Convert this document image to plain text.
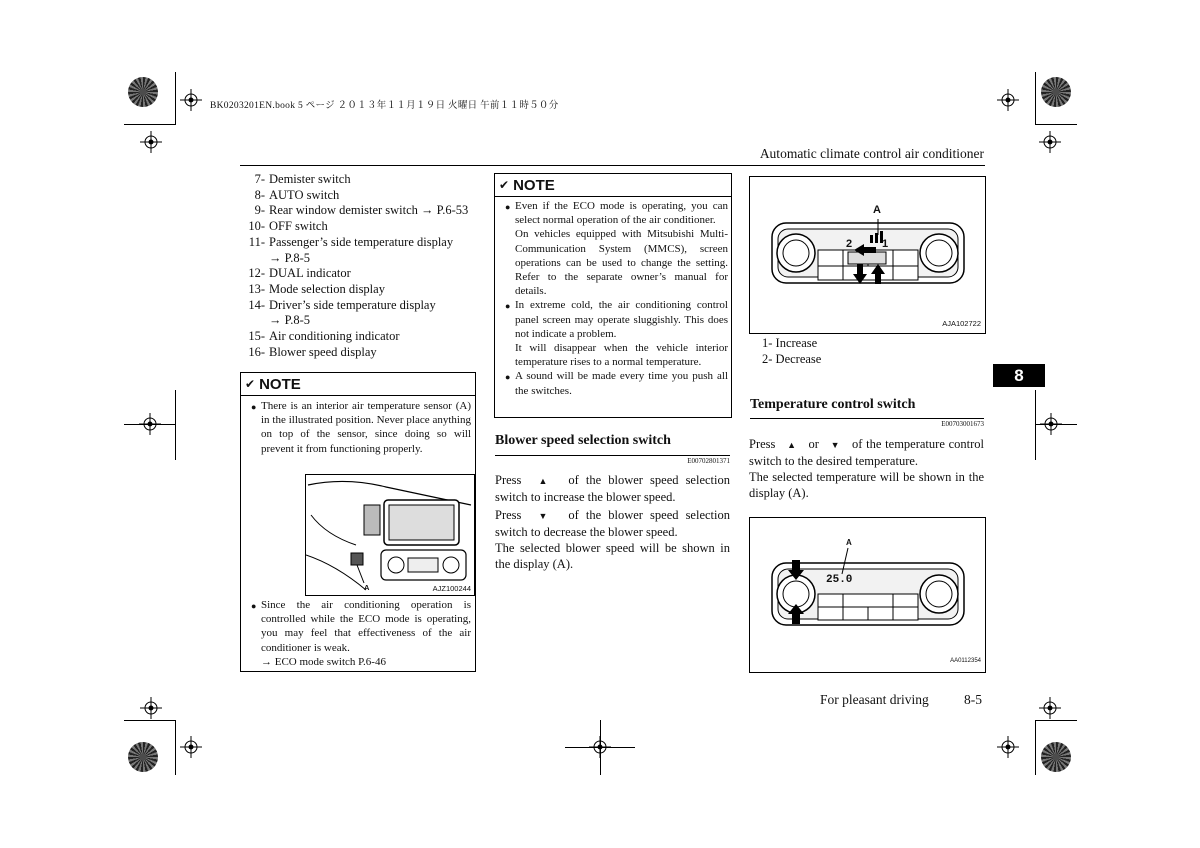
BK0203201EN.book 5 ページ ２０１３年１１月１９日 火曜日 午前１１時５０分
Automatic climate control air conditioner
7- Demister switch
8- AUTO switch
9- Rear window demister switch → P.6-53
10- OFF switch
11- Passenger’s side temperature display
→ P.8-5
12- DUAL indicator
13- Mode selection display
14- Driver’s side temperature display
→ P.8-5
15- Air conditioning indicator
16- Blower speed display
✔︎ NOTE
● There is an interior air temperature sensor (A) in the illustrated position. Never place anything on top of the sensor, since doing so will prevent it from functioning properly.
A	AJZ100244
● Since the air conditioning operation is controlled while the ECO mode is operating, you may feel that effectiveness of the air conditioner is weak.
→ ECO mode switch P.6-46
✔︎ NOTE
● Even if the ECO mode is operating, you can select normal operation of the air conditioner.
On vehicles equipped with Mitsubishi Multi-Communication System (MMCS), screen operations can be used to change the setting. Refer to the separate owner’s manual for details.
● In extreme cold, the air conditioning control panel screen may operate sluggishly. This does not indicate a problem.
It will disappear when the vehicle interior temperature rises to a normal temperature.
● A sound will be made every time you push all the switches.
Blower speed selection switch
E00702801371
Press ▲ of the blower speed selection switch to increase the blower speed.
Press ▼ of the blower speed selection switch to decrease the blower speed.
The selected blower speed will be shown in the display (A).
A
2	1
AJA102722
1- Increase
2- Decrease
8
Temperature control switch
E00703001673
Press ▲ or ▼ of the temperature control switch to the desired temperature.
The selected temperature will be shown in the display (A).
A
25.0
AA0112354
For pleasant driving	8-5
